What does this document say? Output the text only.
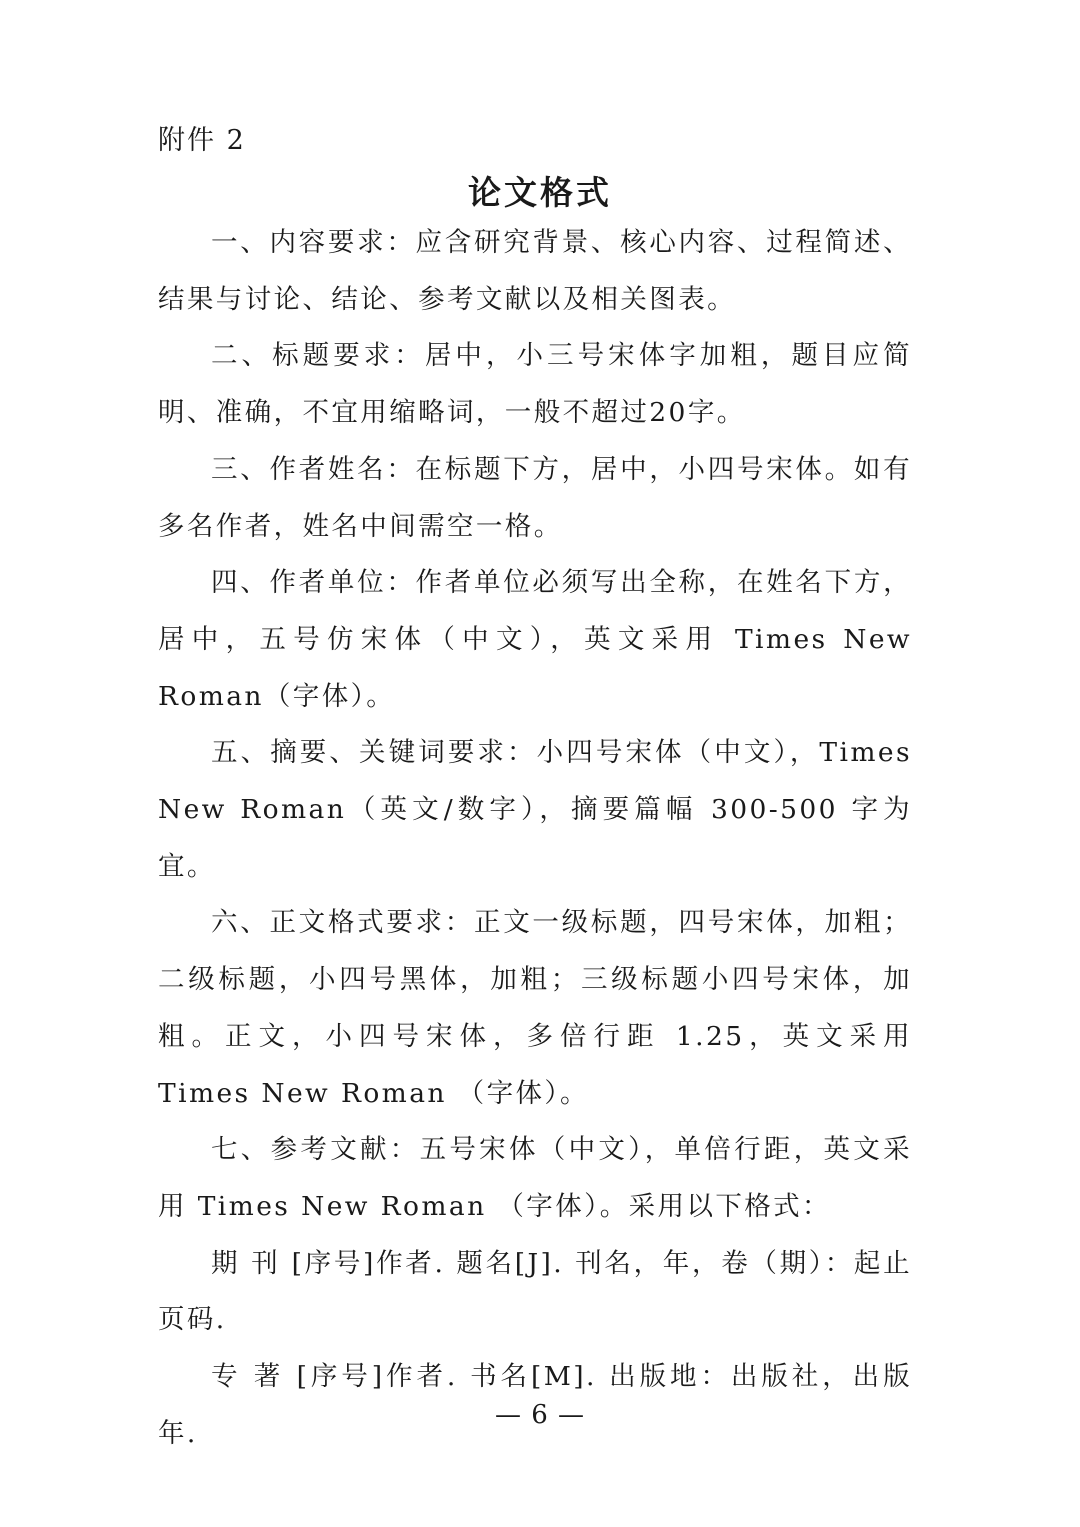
附件 2
论文格式

一、内容要求：应含研究背景、核心内容、过程简述、结果与讨论、结论、参考文献以及相关图表。

二、标题要求：居中，小三号宋体字加粗，题目应简明、准确，不宜用缩略词，一般不超过20字。

三、作者姓名：在标题下方，居中，小四号宋体。如有多名作者，姓名中间需空一格。

四、作者单位：作者单位必须写出全称，在姓名下方，居中，五号仿宋体（中文），英文采用 Times New Roman（字体）。

五、摘要、关键词要求：小四号宋体（中文），Times New Roman（英文/数字），摘要篇幅 300-500 字为宜。

六、正文格式要求：正文一级标题，四号宋体，加粗；二级标题，小四号黑体，加粗；三级标题小四号宋体，加粗。正文，小四号宋体，多倍行距 1.25，英文采用 Times New Roman （字体）。

七、参考文献：五号宋体（中文），单倍行距，英文采用 Times New Roman （字体）。采用以下格式：

期 刊 [序号]作者. 题名[J]. 刊名，年，卷（期）：起止页码.

专 著 [序号]作者. 书名[M]. 出版地：出版社，出版年.

— 6 —
